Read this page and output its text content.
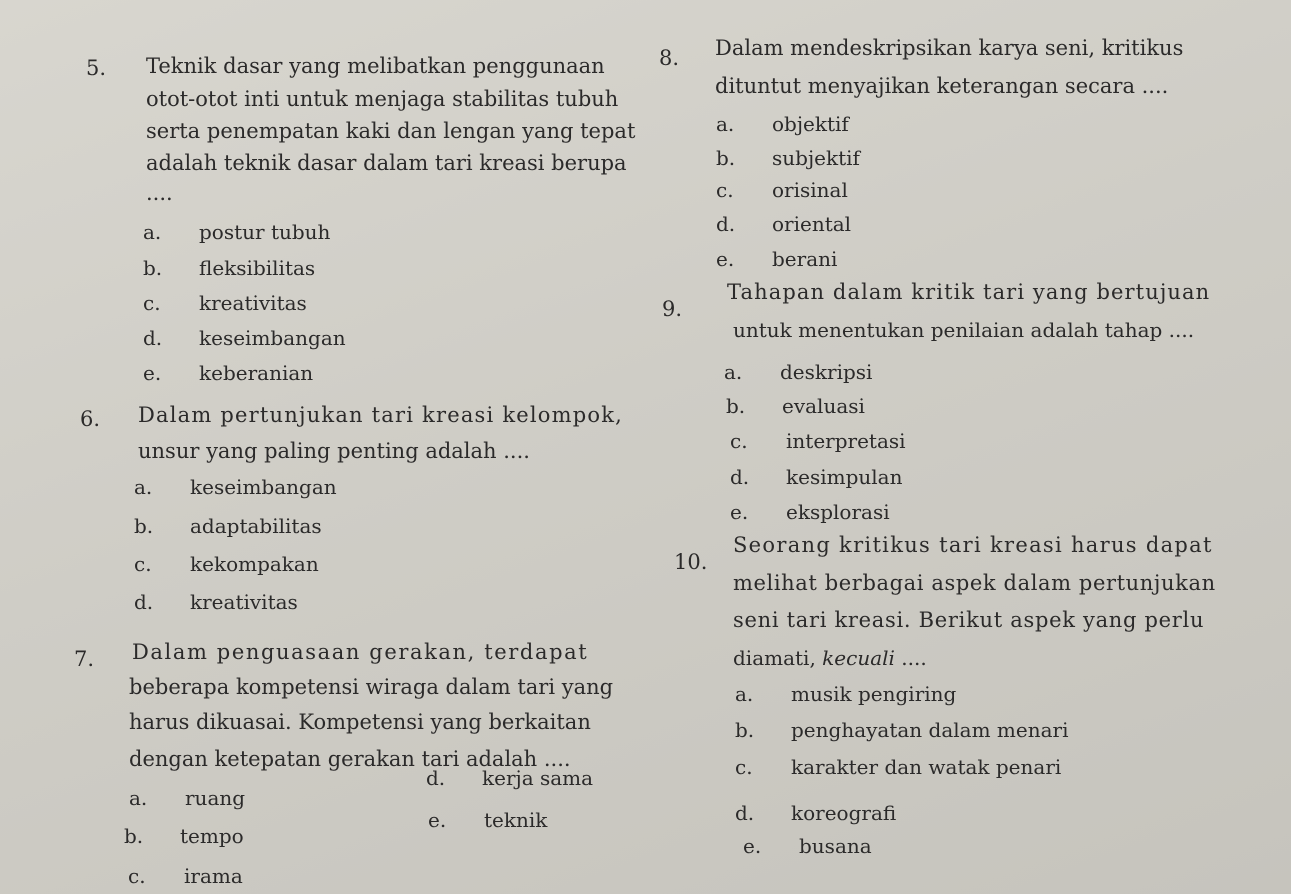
5. Teknik dasar yang melibatkan penggunaan
otot-otot inti untuk menjaga stabilitas tubuh
serta penempatan kaki dan lengan yang tepat
adalah teknik dasar dalam tari kreasi berupa
....
a. postur tubuh
b. fleksibilitas
c. kreativitas
d. keseimbangan
e. keberanian
6. Dalam pertunjukan tari kreasi kelompok,
unsur yang paling penting adalah ....
a. keseimbangan
b. adaptabilitas
c. kekompakan
d. kreativitas
7. Dalam penguasaan gerakan, terdapat
beberapa kompetensi wiraga dalam tari yang
harus dikuasai. Kompetensi yang berkaitan
dengan ketepatan gerakan tari adalah ....
a. ruang
b. tempo
c. irama
d. kerja sama
e. teknik
8. Dalam mendeskripsikan karya seni, kritikus
dituntut menyajikan keterangan secara ....
a. objektif
b. subjektif
c. orisinal
d. oriental
e. berani
9.
Tahapan dalam kritik tari yang bertujuan
untuk menentukan penilaian adalah tahap ....
a. deskripsi
b. evaluasi
c. interpretasi
d. kesimpulan
e. eksplorasi
10.
Seorang kritikus tari kreasi harus dapat
melihat berbagai aspek dalam pertunjukan
seni tari kreasi. Berikut aspek yang perlu
diamati, kecuali ....
a. musik pengiring
b. penghayatan dalam menari
c. karakter dan watak penari
d. koreografi
e. busana
